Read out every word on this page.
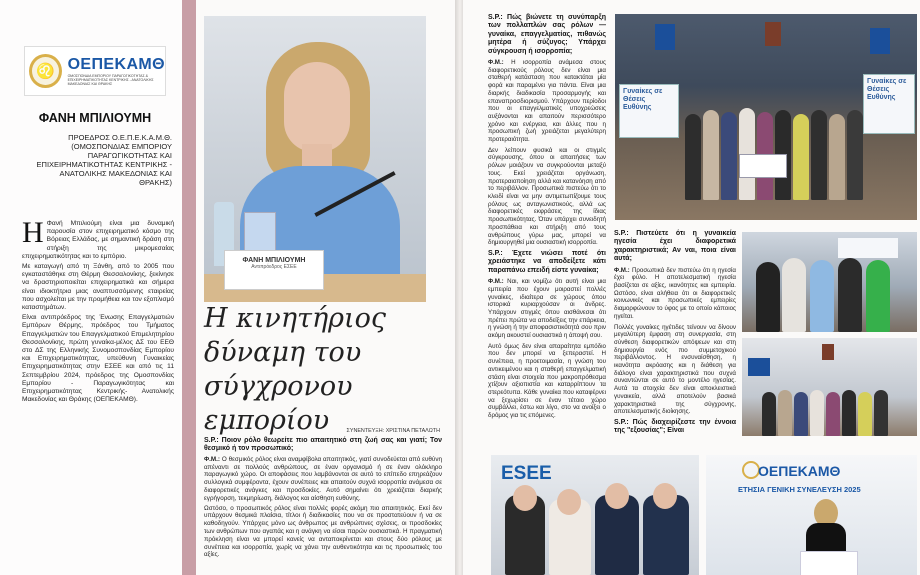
♌ ΟΕΠΕΚΑΜΘ
ΟΜΟΣΠΟΝΔΙΑ ΕΜΠΟΡΙΟΥ ΠΑΡΑΓΩΓΙΚΟΤΗΤΑΣ & ΕΠΙΧΕΙΡΗΜΑΤΙΚΟΤΗΤΑΣ ΚΕΝΤΡΙΚΗΣ - ΑΝΑΤΟΛΙΚΗΣ ΜΑΚΕΔΟΝΙΑΣ ΚΑΙ ΘΡΑΚΗΣ
ΦΑΝΗ ΜΠΙΛΙΟΥΜΗ
ΠΡΟΕΔΡΟΣ Ο.Ε.Π.Ε.Κ.Α.Μ.Θ. (ΟΜΟΣΠΟΝΔΙΑΣ ΕΜΠΟΡΙΟΥ ΠΑΡΑΓΩΓΙΚΟΤΗΤΑΣ ΚΑΙ ΕΠΙΧΕΙΡΗΜΑΤΙΚΟΤΗΤΑΣ ΚΕΝΤΡΙΚΗΣ - ΑΝΑΤΟΛΙΚΗΣ ΜΑΚΕΔΟΝΙΑΣ ΚΑΙ ΘΡΑΚΗΣ)
Η Φανή Μπιλιούμη είναι μια δυναμική παρουσία στον επιχειρηματικό κόσμο της Βόρειας Ελλάδας, με σημαντική δράση στη στήριξη της μικρομεσαίας επιχειρηματικότητας και το εμπόριο.

Με καταγωγή από τη Ξάνθη, από το 2005 που εγκαταστάθηκε στη Θέρμη Θεσσαλονίκης, ξεκίνησε να δραστηριοποιείται επιχειρηματικά και σήμερα είναι ιδιοκτήτρια μιας αναπτυσσόμενης εταιρείας που ασχολείται με την προμήθεια και τον εξοπλισμό καταστημάτων.

Είναι αντιπρόεδρος της Ένωσης Επαγγελματιών Εμπόρων Θέρμης, πρόεδρος του Τμήματος Επαγγελματιών του Επαγγελματικού Επιμελητηρίου Θεσσαλονίκης, πρώτη γυναίκα-μέλος ΔΣ του ΕΕΘ στο ΔΣ της Ελληνικής Συνομοσπονδίας Εμπορίου και Επιχειρηματικότητας, υπεύθυνη Γυναικείας Επιχειρηματικότητας στην ΕΣΕΕ και από τις 11 Σεπτεμβρίου 2024, πρόεδρος της Ομοσπονδίας Εμπορίου - Παραγωγικότητας και Επιχειρηματικότητας Κεντρικής- Ανατολικής Μακεδονίας και Θράκης (ΟΕΠΕΚΑΜΘ).

ΦΑΝΗ ΜΠΙΛΙΟΥΜΗ
Αντιπρόεδρος ΕΣΕΕ
Η κινητήριος δύναμη του σύγχρονου εμπορίου	ΣΥΝΕΝΤΕΥΞΗ: ΧΡΙΣΤΙΝΑ ΠΕΤΑΛΩΤΗ

S.P.: Ποιον ρόλο θεωρείτε πιο απαιτητικό στη ζωή σας και γιατί; Τον θεσμικό ή τον προσωπικό;

Φ.Μ.: Ο θεσμικός ρόλος είναι αναμφίβολα απαιτητικός, γιατί συνοδεύεται από ευθύνη απέναντι σε πολλούς ανθρώπους, σε έναν οργανισμό ή σε έναν ολόκληρο παραγωγικό χώρο. Οι αποφάσεις που λαμβάνονται σε αυτό το επίπεδο επηρεάζουν συλλογικά συμφέροντα, έχουν συνέπειες και απαιτούν συχνά ισορροπία ανάμεσα σε διαφορετικές ανάγκες και προσδοκίες. Αυτό σημαίνει ότι χρειάζεται διαρκής εγρήγορση, τεκμηρίωση, διάλογος και αίσθηση ευθύνης.

Ωστόσο, ο προσωπικός ρόλος είναι πολλές φορές ακόμη πιο απαιτητικός. Εκεί δεν υπάρχουν θεσμικά πλαίσια, τίτλοι ή διαδικασίες που να σε προστατεύουν ή να σε καθοδηγούν. Υπάρχεις μόνο ως άνθρωπος με ανθρώπινες σχέσεις, οι προσδοκίες των ανθρώπων που αγαπάς και η ανάγκη να είσαι παρών ουσιαστικά. Η πραγματική πρόκληση είναι να μπορεί κανείς να ανταποκρίνεται και στους δύο ρόλους με συνέπεια και ισορροπία, χωρίς να χάνει την αυθεντικότητα και τις προσωπικές του αξίες.

S.P.: Πώς βιώνετε τη συνύπαρξη των πολλαπλών σας ρόλων — γυναίκα, επαγγελματίας, πιθανώς μητέρα ή σύζυγος; Υπάρχει σύγκρουση ή ισορροπία;

Φ.Μ.: Η ισορροπία ανάμεσα στους διαφορετικούς ρόλους δεν είναι μια σταθερή κατάσταση που κατακτάται μία φορά και παραμένει για πάντα. Είναι μια διαρκής διαδικασία προσαρμογής και επαναπροσδιορισμού. Υπάρχουν περίοδοι που οι επαγγελματικές υποχρεώσεις αυξάνονται και απαιτούν περισσότερο χρόνο και ενέργεια, και άλλες που η προσωπική ζωή χρειάζεται μεγαλύτερη προτεραιότητα.

Δεν λείπουν φυσικά και οι στιγμές σύγκρουσης, όπου οι απαιτήσεις των ρόλων μοιάζουν να συγκρούονται μεταξύ τους. Εκεί χρειάζεται οργάνωση, προτεραιοποίηση αλλά και κατανόηση από το περιβάλλον. Προσωπικά πιστεύω ότι το κλειδί είναι να μην αντιμετωπίζουμε τους ρόλους ως ανταγωνιστικούς, αλλά ως διαφορετικές εκφράσεις της ίδιας προσωπικότητας. Όταν υπάρχει συνειδητή προσπάθεια και στήριξη από τους ανθρώπους γύρω μας, μπορεί να δημιουργηθεί μια ουσιαστική ισορροπία.

S.P.: Έχετε νιώσει ποτέ ότι χρειάστηκε να αποδείξετε κάτι παραπάνω επειδή είστε γυναίκα;

Φ.Μ.: Ναι, και νομίζω ότι αυτή είναι μια εμπειρία που έχουν μοιραστεί πολλές γυναίκες, ιδιαίτερα σε χώρους όπου ιστορικά κυριαρχούσαν οι άνδρες. Υπάρχουν στιγμές όπου αισθάνεσαι ότι πρέπει πρώτα να αποδείξεις την επάρκεια, η γνώση ή την αποφασιστικότητά σου πριν ακόμη ακουστεί ουσιαστικά η άποψή σου.

Αυτό όμως δεν είναι απαραίτητα εμπόδιο που δεν μπορεί να ξεπεραστεί. Η συνέπεια, η προετοιμασία, η γνώση του αντικειμένου και η σταθερή επαγγελματική στάση είναι στοιχεία που μακροπρόθεσμα χτίζουν αξιοπιστία και καταρρίπτουν τα στερεότυπα. Κάθε γυναίκα που καταφέρνει να ξεχωρίσει σε έναν τέτοιο χώρο συμβάλλει, έστω και λίγο, στο να ανοίξει ο δρόμος για τις επόμενες.

S.P.: Πιστεύετε ότι η γυναικεία ηγεσία έχει διαφορετικά χαρακτηριστικά; Αν ναι, ποια είναι αυτά;

Φ.Μ.: Προσωπικά δεν πιστεύω ότι η ηγεσία έχει φύλο. Η αποτελεσματική ηγεσία βασίζεται σε αξίες, ικανότητες και εμπειρία. Ωστόσο, είναι αλήθεια ότι οι διαφορετικές κοινωνικές και προσωπικές εμπειρίες διαμορφώνουν το ύφος με το οποίο κάποιος ηγείται.

Πολλές γυναίκες ηγέτιδες τείνουν να δίνουν μεγαλύτερη έμφαση στη συνεργασία, στη σύνθεση διαφορετικών απόψεων και στη δημιουργία ενός πιο συμμετοχικού περιβάλλοντος. Η ενσυναίσθηση, η ικανότητα ακρόασης και η διάθεση για διάλογο είναι χαρακτηριστικά που συχνά συναντώνται σε αυτό το μοντέλο ηγεσίας. Αυτά τα στοιχεία δεν είναι αποκλειστικά γυναικεία, αλλά αποτελούν βασικά χαρακτηριστικά της σύγχρονης, αποτελεσματικής διοίκησης.

S.P.: Πώς διαχειρίζεστε την έννοια της "εξουσίας"; Είναι

Γυναίκες σε Θέσεις Ευθύνης
Γυναίκες σε Θέσεις Ευθύνης
ESEE	ΟΕΠΕΚΑΜΘ
ΕΤΗΣΙΑ ΓΕΝΙΚΗ ΣΥΝΕΛΕΥΣΗ 2025
